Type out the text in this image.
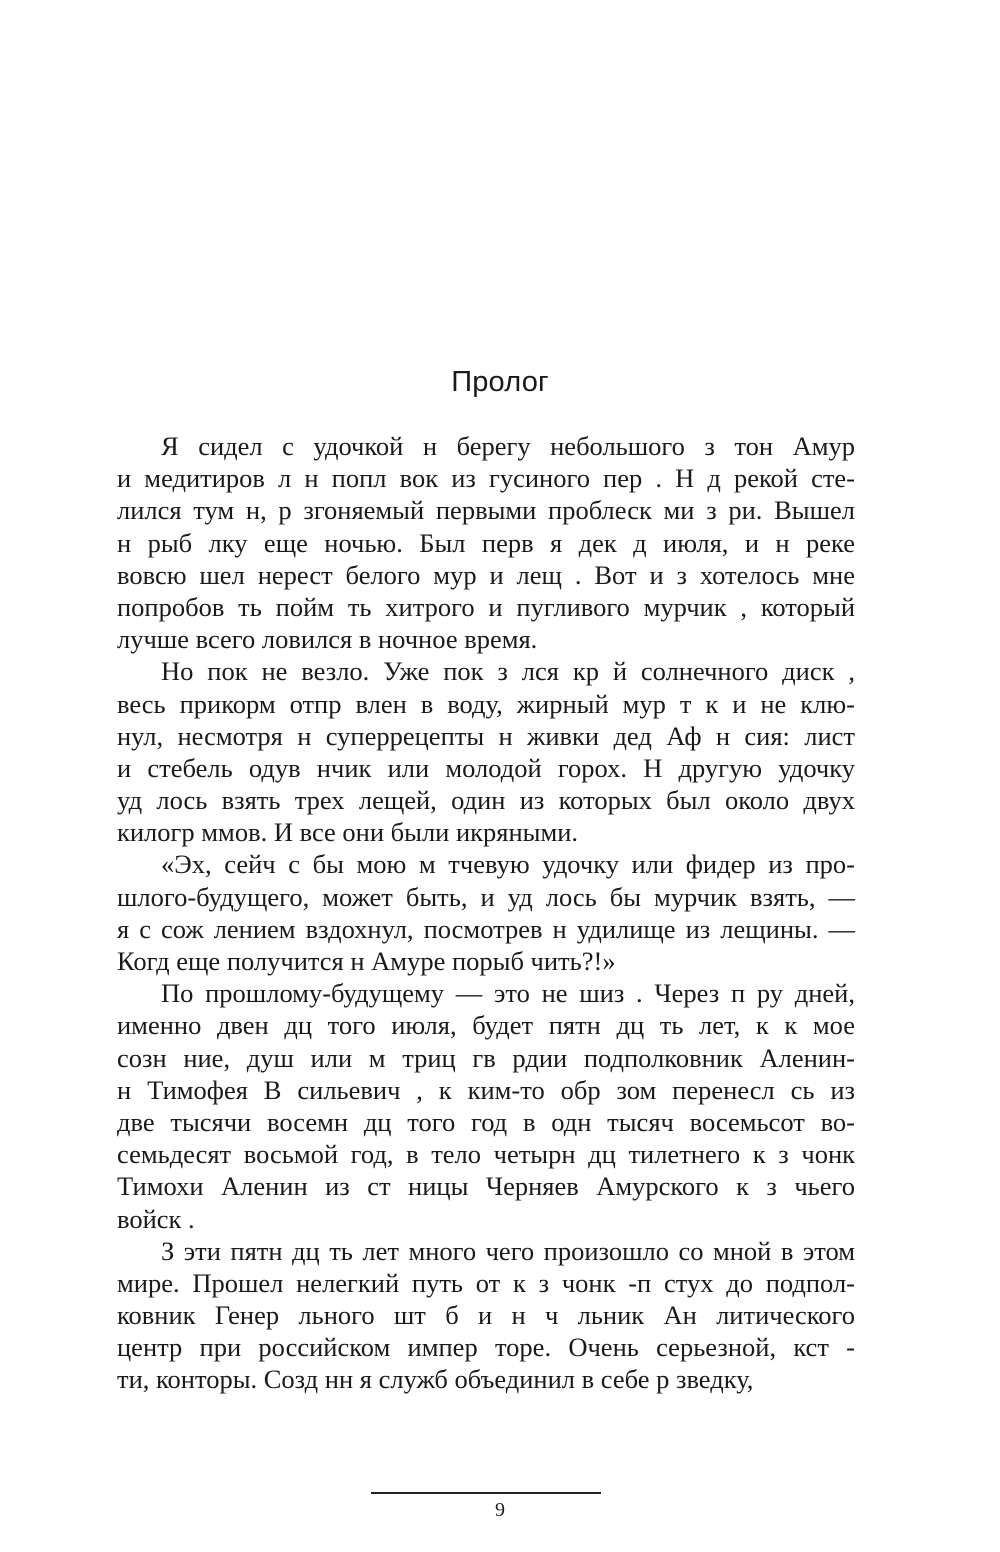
Пролог
Я сидел с удочкой н берегу небольшого з тон Амур
и медитиров л н попл вок из гусиного пер . Н д рекой сте-
лился тум н, р згоняемый первыми проблеск ми з ри. Вышел
н рыб лку еще ночью. Был перв я дек д июля, и н реке
вовсю шел нерест белого мур и лещ . Вот и з хотелось мне
попробов ть пойм ть хитрого и пугливого мурчик , который
лучше всего ловился в ночное время.
Но пок не везло. Уже пок з лся кр й солнечного диск ,
весь прикорм отпр влен в воду, жирный мур т к и не клю-
нул, несмотря н суперрецепты н живки дед Аф н сия: лист
и стебель одув нчик или молодой горох. Н другую удочку
уд лось взять трех лещей, один из которых был около двух
килогр ммов. И все они были икряными.
«Эх, сейч с бы мою м тчевую удочку или фидер из про-
шлого-будущего, может быть, и уд лось бы мурчик взять, —
я с сож лением вздохнул, посмотрев н удилище из лещины. —
Когд еще получится н Амуре порыб чить?!»
По прошлому-будущему — это не шиз . Через п ру дней,
именно двен дц того июля, будет пятн дц ть лет, к к мое
созн ние, душ или м триц гв рдии подполковник Аленин-
н Тимофея В сильевич , к ким-то обр зом перенесл сь из
две тысячи восемн дц того год в одн тысяч восемьсот во-
семьдесят восьмой год, в тело четырн дц тилетнего к з чонк
Тимохи Аленин из ст ницы Черняев Амурского к з чьего
войск .
З эти пятн дц ть лет много чего произошло со мной в этом
мире. Прошел нелегкий путь от к з чонк -п стух до подпол-
ковник Генер льного шт б и н ч льник Ан литического
центр при российском импер торе. Очень серьезной, кст -
ти, конторы. Созд нн я служб объединил в себе р зведку,
9
